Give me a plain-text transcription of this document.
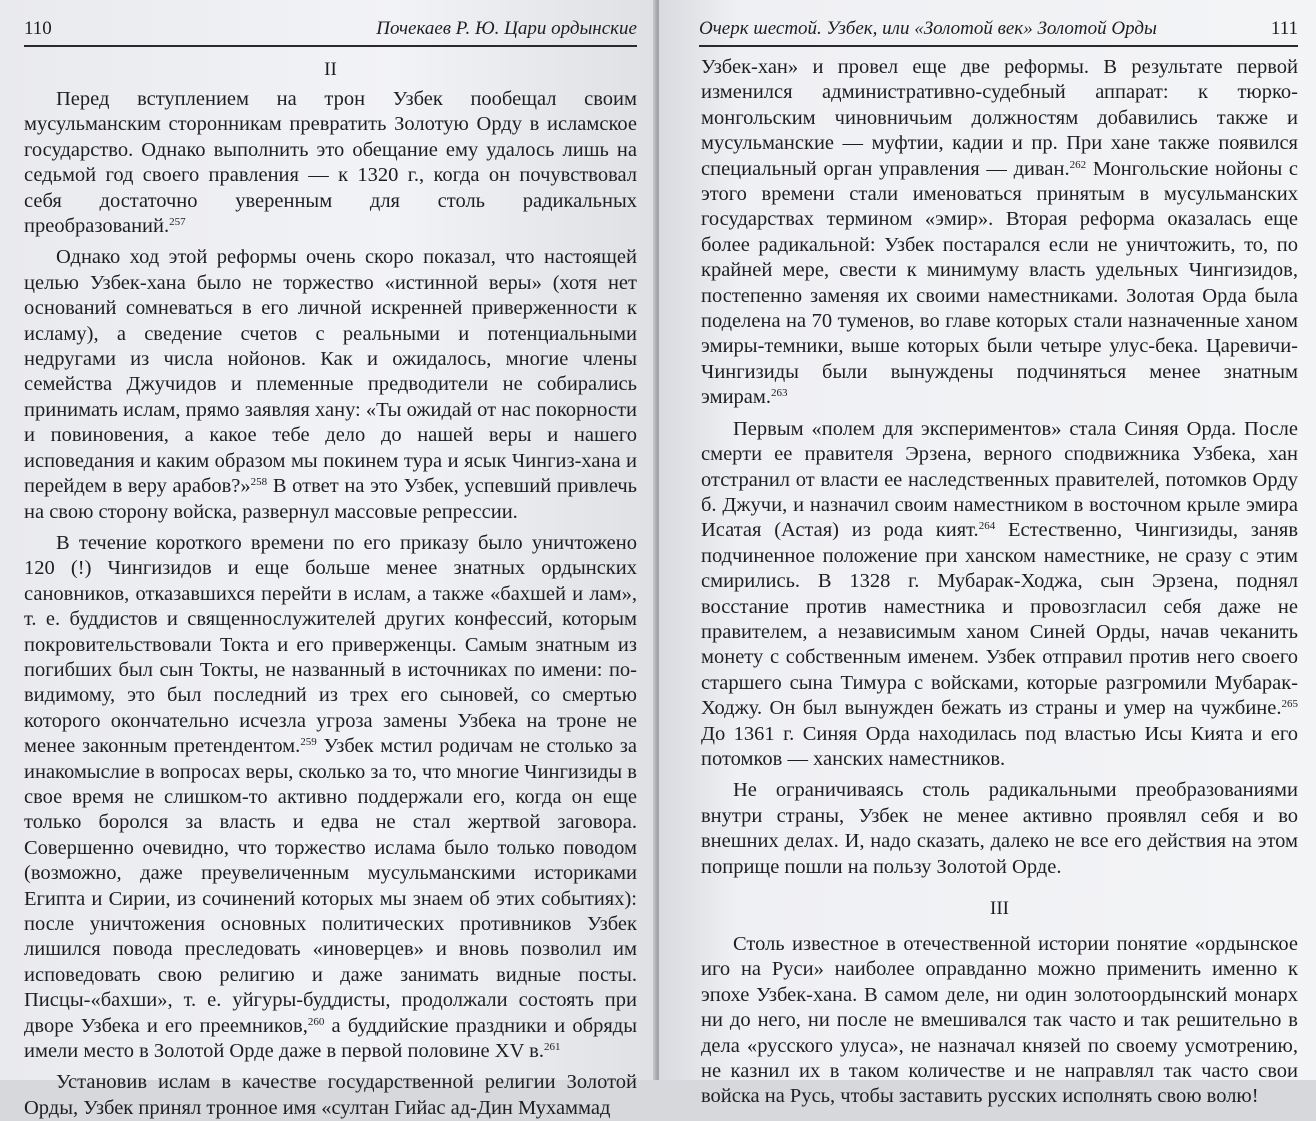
110	Почекаев Р. Ю. Цари ордынские
II

Перед вступлением на трон Узбек пообещал своим мусульманским сторонникам превратить Золотую Орду в исламское государство. Однако выполнить это обещание ему удалось лишь на седьмой год своего правления — к 1320 г., когда он почувствовал себя достаточно уверенным для столь радикальных преобразований.$^{257}$

Однако ход этой реформы очень скоро показал, что настоящей целью Узбек-хана было не торжество «истинной веры» (хотя нет оснований сомневаться в его личной искренней приверженности к исламу), а сведение счетов с реальными и потенциальными недругами из числа нойонов. Как и ожидалось, многие члены семейства Джучидов и племенные предводители не собирались принимать ислам, прямо заявляя хану: «Ты ожидай от нас покорности и повиновения, а какое тебе дело до нашей веры и нашего исповедания и каким образом мы покинем тура и ясык Чингиз-хана и перейдем в веру арабов?»$^{258}$ В ответ на это Узбек, успевший привлечь на свою сторону войска, развернул массовые репрессии.

В течение короткого времени по его приказу было уничтожено 120 (!) Чингизидов и еще больше менее знатных ордынских сановников, отказавшихся перейти в ислам, а также «бахшей и лам», т. е. буддистов и священнослужителей других конфессий, которым покровительствовали Токта и его приверженцы. Самым знатным из погибших был сын Токты, не названный в источниках по имени: по-видимому, это был последний из трех его сыновей, со смертью которого окончательно исчезла угроза замены Узбека на троне не менее законным претендентом.$^{259}$ Узбек мстил родичам не столько за инакомыслие в вопросах веры, сколько за то, что многие Чингизиды в свое время не слишком-то активно поддержали его, когда он еще только боролся за власть и едва не стал жертвой заговора. Совершенно очевидно, что торжество ислама было только поводом (возможно, даже преувеличенным мусульманскими историками Египта и Сирии, из сочинений которых мы знаем об этих событиях): после уничтожения основных политических противников Узбек лишился повода преследовать «иноверцев» и вновь позволил им исповедовать свою религию и даже занимать видные посты. Писцы-«бахши», т. е. уйгуры-буддисты, продолжали состоять при дворе Узбека и его преемников,$^{260}$ а буддийские праздники и обряды имели место в Золотой Орде даже в первой половине XV в.$^{261}$

Установив ислам в качестве государственной религии Золотой Орды, Узбек принял тронное имя «султан Гийас ад-Дин Мухаммад

Очерк шестой. Узбек, или «Золотой век» Золотой Орды	111

Узбек-хан» и провел еще две реформы. В результате первой изменился административно-судебный аппарат: к тюрко-монгольским чиновничьим должностям добавились также и мусульманские — муфтии, кадии и пр. При хане также появился специальный орган управления — диван.$^{262}$ Монгольские нойоны с этого времени стали именоваться принятым в мусульманских государствах термином «эмир». Вторая реформа оказалась еще более радикальной: Узбек постарался если не уничтожить, то, по крайней мере, свести к минимуму власть удельных Чингизидов, постепенно заменяя их своими наместниками. Золотая Орда была поделена на 70 туменов, во главе которых стали назначенные ханом эмиры-темники, выше которых были четыре улус-бека. Царевичи-Чингизиды были вынуждены подчиняться менее знатным эмирам.$^{263}$

Первым «полем для экспериментов» стала Синяя Орда. После смерти ее правителя Эрзена, верного сподвижника Узбека, хан отстранил от власти ее наследственных правителей, потомков Орду б. Джучи, и назначил своим наместником в восточном крыле эмира Исатая (Астая) из рода кият.$^{264}$ Естественно, Чингизиды, заняв подчиненное положение при ханском наместнике, не сразу с этим смирились. В 1328 г. Мубарак-Ходжа, сын Эрзена, поднял восстание против наместника и провозгласил себя даже не правителем, а независимым ханом Синей Орды, начав чеканить монету с собственным именем. Узбек отправил против него своего старшего сына Тимура с войсками, которые разгромили Мубарак-Ходжу. Он был вынужден бежать из страны и умер на чужбине.$^{265}$ До 1361 г. Синяя Орда находилась под властью Исы Кията и его потомков — ханских наместников.

Не ограничиваясь столь радикальными преобразованиями внутри страны, Узбек не менее активно проявлял себя и во внешних делах. И, надо сказать, далеко не все его действия на этом поприще пошли на пользу Золотой Орде.

III

Столь известное в отечественной истории понятие «ордынское иго на Руси» наиболее оправданно можно применить именно к эпохе Узбек-хана. В самом деле, ни один золотоордынский монарх ни до него, ни после не вмешивался так часто и так решительно в дела «русского улуса», не назначал князей по своему усмотрению, не казнил их в таком количестве и не направлял так часто свои войска на Русь, чтобы заставить русских исполнять свою волю!
